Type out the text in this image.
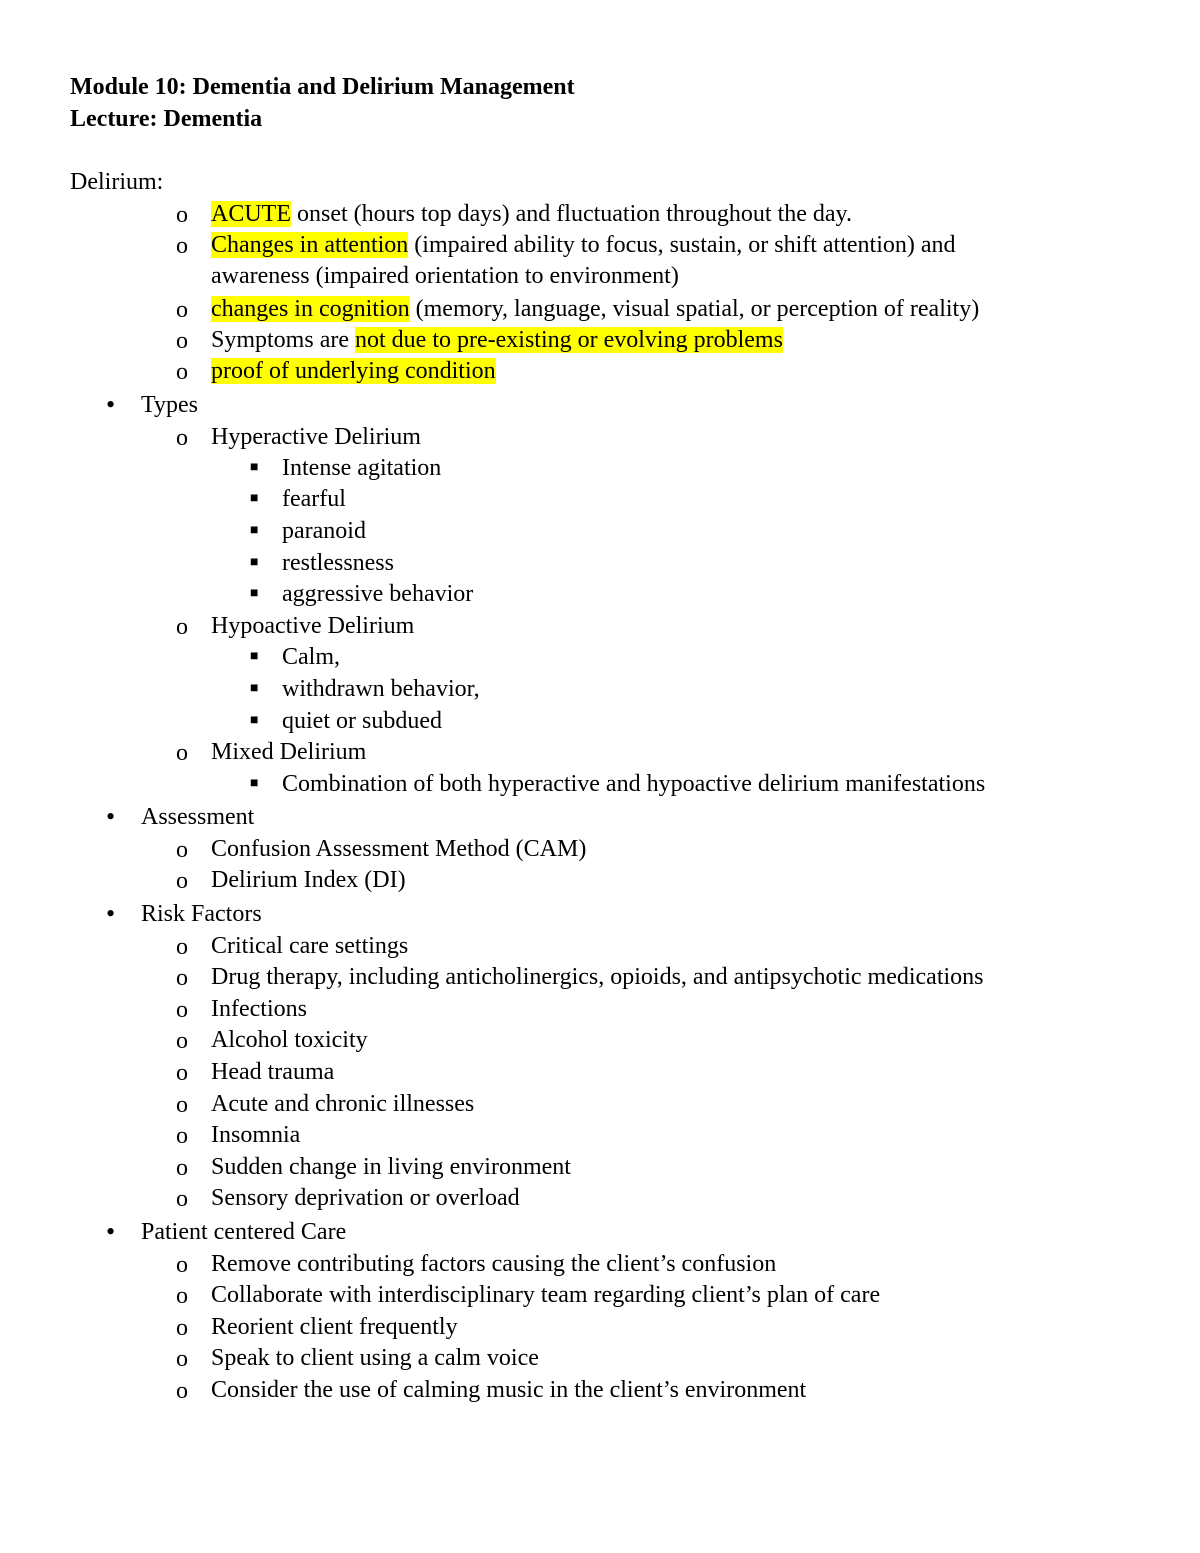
Module 10: Dementia and Delirium Management
Lecture: Dementia
Delirium:
o ACUTE onset (hours top days) and fluctuation throughout the day.
o Changes in attention (impaired ability to focus, sustain, or shift attention) and
awareness (impaired orientation to environment)
o changes in cognition (memory, language, visual spatial, or perception of reality)
o Symptoms are not due to pre-existing or evolving problems
o proof of underlying condition
• Types
o Hyperactive Delirium
■ Intense agitation
■ fearful
■ paranoid
■ restlessness
■ aggressive behavior
o Hypoactive Delirium
■ Calm,
■ withdrawn behavior,
■ quiet or subdued
o Mixed Delirium
■ Combination of both hyperactive and hypoactive delirium manifestations
• Assessment
o Confusion Assessment Method (CAM)
o Delirium Index (DI)
• Risk Factors
o Critical care settings
o Drug therapy, including anticholinergics, opioids, and antipsychotic medications
o Infections
o Alcohol toxicity
o Head trauma
o Acute and chronic illnesses
o Insomnia
o Sudden change in living environment
o Sensory deprivation or overload
• Patient centered Care
o Remove contributing factors causing the client’s confusion
o Collaborate with interdisciplinary team regarding client’s plan of care
o Reorient client frequently
o Speak to client using a calm voice
o Consider the use of calming music in the client’s environment
